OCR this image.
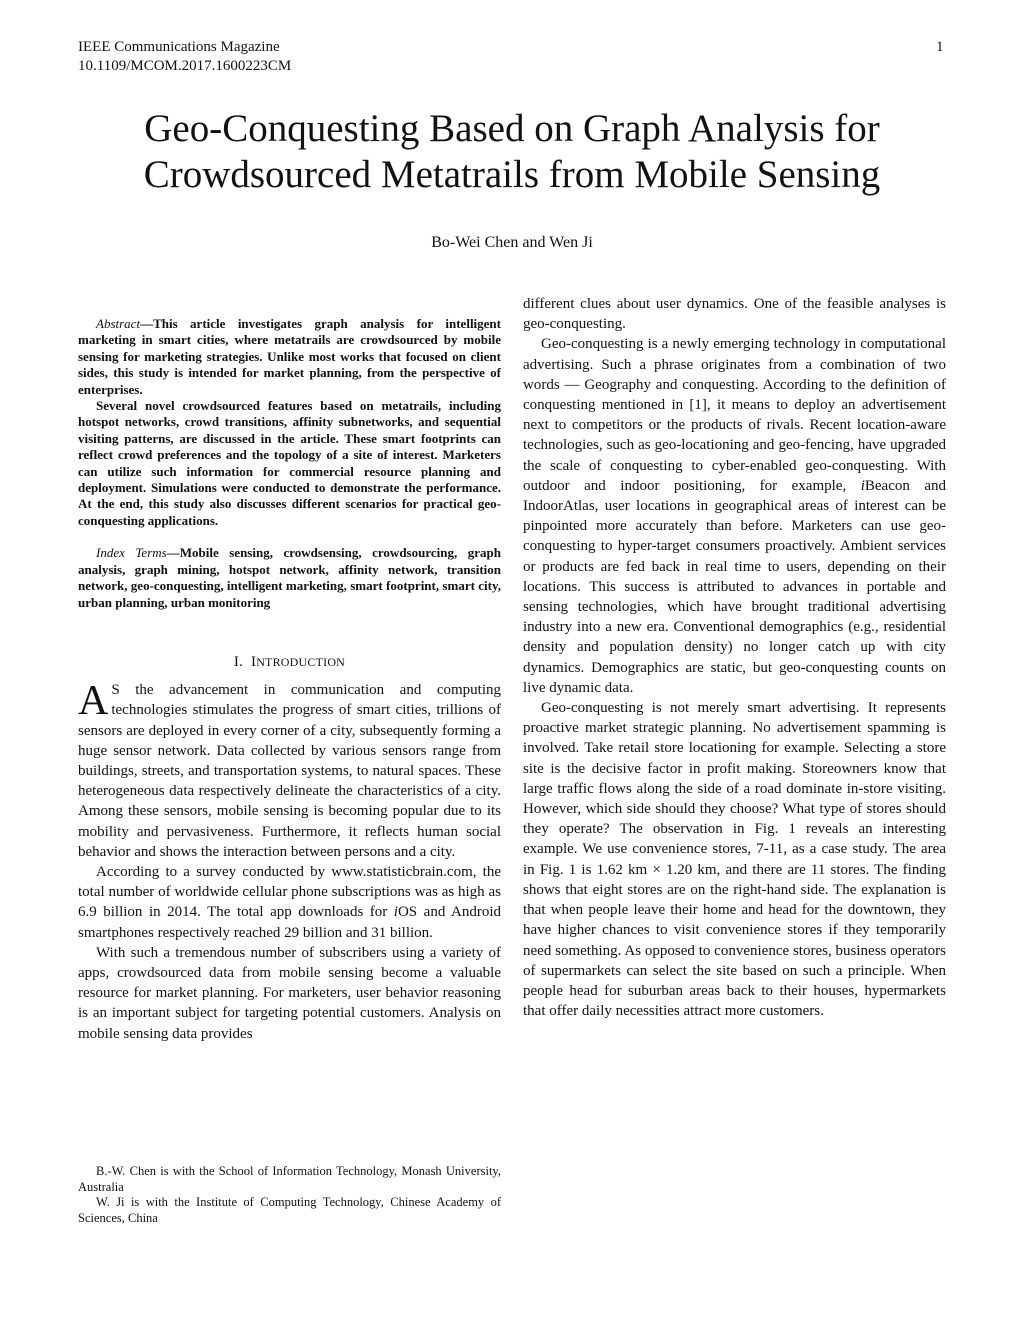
IEEE Communications Magazine
10.1109/MCOM.2017.1600223CM
1
Geo-Conquesting Based on Graph Analysis for
Crowdsourced Metatrails from Mobile Sensing
Bo-Wei Chen and Wen Ji

Abstract—This article investigates graph analysis for intelligent marketing in smart cities, where metatrails are crowdsourced by mobile sensing for marketing strategies. Unlike most works that focused on client sides, this study is intended for market planning, from the perspective of enterprises.

Several novel crowdsourced features based on metatrails, including hotspot networks, crowd transitions, affinity subnetworks, and sequential visiting patterns, are discussed in the article. These smart footprints can reflect crowd preferences and the topology of a site of interest. Marketers can utilize such information for commercial resource planning and deployment. Simulations were conducted to demonstrate the performance. At the end, this study also discusses different scenarios for practical geo-conquesting applications.

Index Terms—Mobile sensing, crowdsensing, crowdsourcing, graph analysis, graph mining, hotspot network, affinity network, transition network, geo-conquesting, intelligent marketing, smart footprint, smart city, urban planning, urban monitoring

I. INTRODUCTION

A S the advancement in communication and computing technologies stimulates the progress of smart cities, trillions of sensors are deployed in every corner of a city, subsequently forming a huge sensor network. Data collected by various sensors range from buildings, streets, and transportation systems, to natural spaces. These heterogeneous data respectively delineate the characteristics of a city. Among these sensors, mobile sensing is becoming popular due to its mobility and pervasiveness. Furthermore, it reflects human social behavior and shows the interaction between persons and a city.

According to a survey conducted by www.statisticbrain.com, the total number of worldwide cellular phone subscriptions was as high as 6.9 billion in 2014. The total app downloads for iOS and Android smartphones respectively reached 29 billion and 31 billion.

With such a tremendous number of subscribers using a variety of apps, crowdsourced data from mobile sensing become a valuable resource for market planning. For marketers, user behavior reasoning is an important subject for targeting potential customers. Analysis on mobile sensing data provides

different clues about user dynamics. One of the feasible analyses is geo-conquesting.

Geo-conquesting is a newly emerging technology in computational advertising. Such a phrase originates from a combination of two words — Geography and conquesting. According to the definition of conquesting mentioned in [1], it means to deploy an advertisement next to competitors or the products of rivals. Recent location-aware technologies, such as geo-locationing and geo-fencing, have upgraded the scale of conquesting to cyber-enabled geo-conquesting. With outdoor and indoor positioning, for example, iBeacon and IndoorAtlas, user locations in geographical areas of interest can be pinpointed more accurately than before. Marketers can use geo-conquesting to hyper-target consumers proactively. Ambient services or products are fed back in real time to users, depending on their locations. This success is attributed to advances in portable and sensing technologies, which have brought traditional advertising industry into a new era. Conventional demographics (e.g., residential density and population density) no longer catch up with city dynamics. Demographics are static, but geo-conquesting counts on live dynamic data.

Geo-conquesting is not merely smart advertising. It represents proactive market strategic planning. No advertisement spamming is involved. Take retail store locationing for example. Selecting a store site is the decisive factor in profit making. Storeowners know that large traffic flows along the side of a road dominate in-store visiting. However, which side should they choose? What type of stores should they operate? The observation in Fig. 1 reveals an interesting example. We use convenience stores, 7-11, as a case study. The area in Fig. 1 is 1.62 km × 1.20 km, and there are 11 stores. The finding shows that eight stores are on the right-hand side. The explanation is that when people leave their home and head for the downtown, they have higher chances to visit convenience stores if they temporarily need something. As opposed to convenience stores, business operators of supermarkets can select the site based on such a principle. When people head for suburban areas back to their houses, hypermarkets that offer daily necessities attract more customers.

B.-W. Chen is with the School of Information Technology, Monash University, Australia

W. Ji is with the Institute of Computing Technology, Chinese Academy of Sciences, China
